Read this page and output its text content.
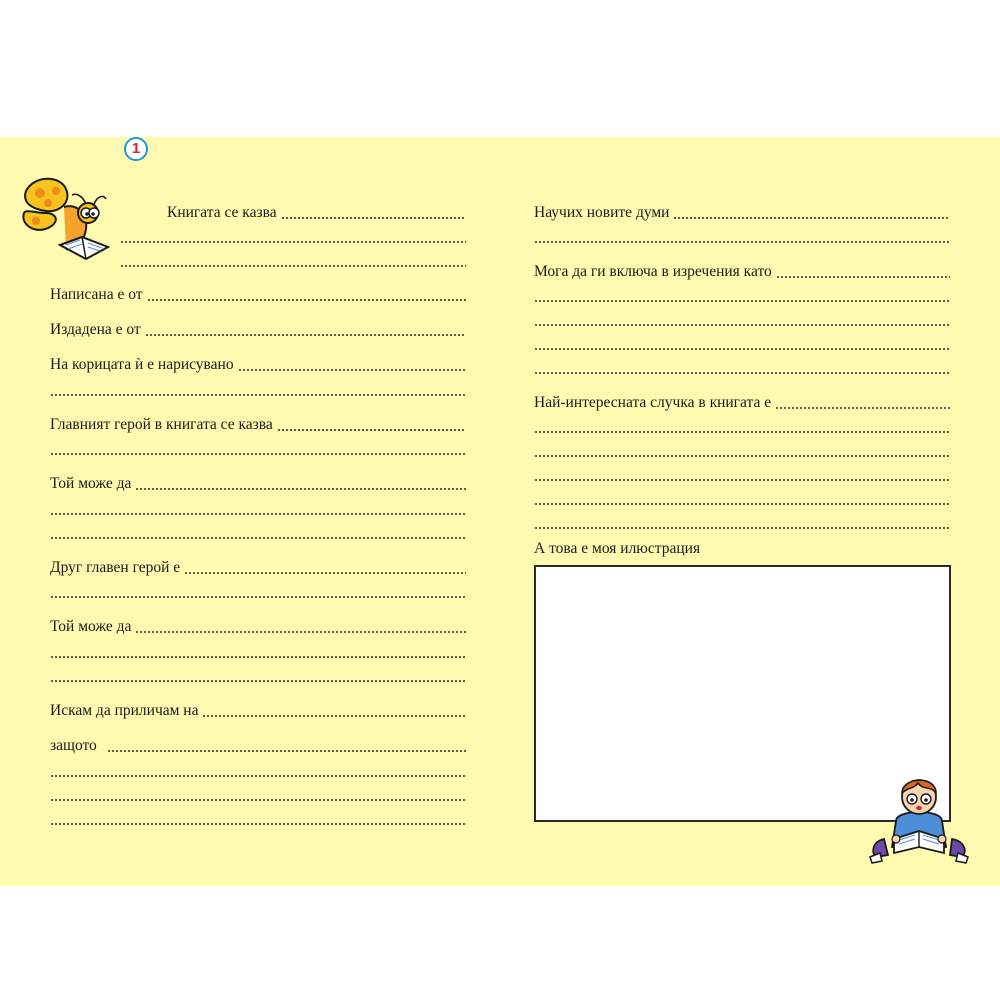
1
Книгата се казва
Написана е от
Издадена е от
На корицата ѝ е нарисувано
Главният герой в книгата се казва
Той може да
Друг главен герой е
Той може да
Искам да приличам на
защото
Научих новите думи
Мога да ги включа в изречения като
Най-интересната случка в книгата е
А това е моя илюстрация
